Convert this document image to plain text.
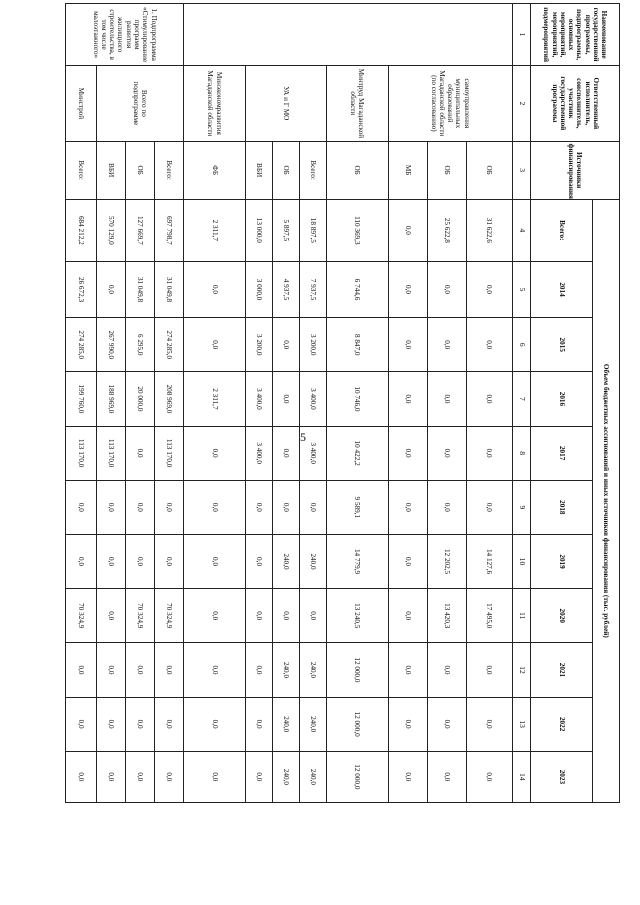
5
Наименование государственной программы, подпрограммы, основных мероприятий, мероприятий, подмероприятий	Ответственный исполнитель, соисполнитель, участник государственной программы	Источники финансирования	Объем бюджетных ассигнований и иных источников финансирования (тыс. рублей)										
			Всего:	2014	2015	2016	2017	2018	2019	2020	2021	2022	2023
1	2	3	4	5	6	7	8	9	10	11	12	13	14
	самоуправления муниципальных образований Магаданской области (по согласованию)	ОБ	31 622,6	0,0	0,0	0,0	0,0	0,0	14 127,6	17 495,0	0,0	0,0	0,0
		ОБ	25 622,8	0,0	0,0	0,0	0,0	0,0	12 202,5	13 420,3	0,0	0,0	0,0
		МБ	0,0	0,0	0,0	0,0	0,0	0,0	0,0	0,0	0,0	0,0	0,0
	Минтруд Магаданской области	ОБ	110 369,3	6 744,6	8 847,0	10 746,0	10 422,2	9 589,1	14 779,9	13 240,5	12 000,0	12 000,0	12 000,0
	УА и Г МО	Всего:	18 897,5	7 937,5	3 200,0	3 400,0	3 400,0	0,0	240,0	0,0	240,0	240,0	240,0
		ОБ	5 897,5	4 937,5	0,0	0,0	0,0	0,0	240,0	0,0	240,0	240,0	240,0
		ВБИ	13 000,0	3 000,0	3 200,0	3 400,0	3 400,0	0,0	0,0	0,0	0,0	0,0	0,0
	Минэкономразвития Магаданской области	ФБ	2 311,7	0,0	0,0	2 311,7	0,0	0,0	0,0	0,0	0,0	0,0	0,0
1. Подпрограмма «Стимулирование программ развития жилищного строительства, в том числе малоэтажного»	Всего по подпрограмме	Всего:	697 798,7	31 049,8	274 285,0	208 969,0	113 170,0	0,0	0,0	70 324,9	0,0	0,0	0,0
		ОБ	127 669,7	31 049,8	6 295,0	20 000,0	0,0	0,0	0,0	70 324,9	0,0	0,0	0,0
		ВБИ	570 129,0	0,0	267 990,0	188 969,0	113 170,0	0,0	0,0	0,0	0,0	0,0	0,0
	Минстрой	Всего:	684 212,2	26 672,3	274 285,0	199 760,0	113 170,0	0,0	0,0	70 324,9	0,0	0,0	0,0
